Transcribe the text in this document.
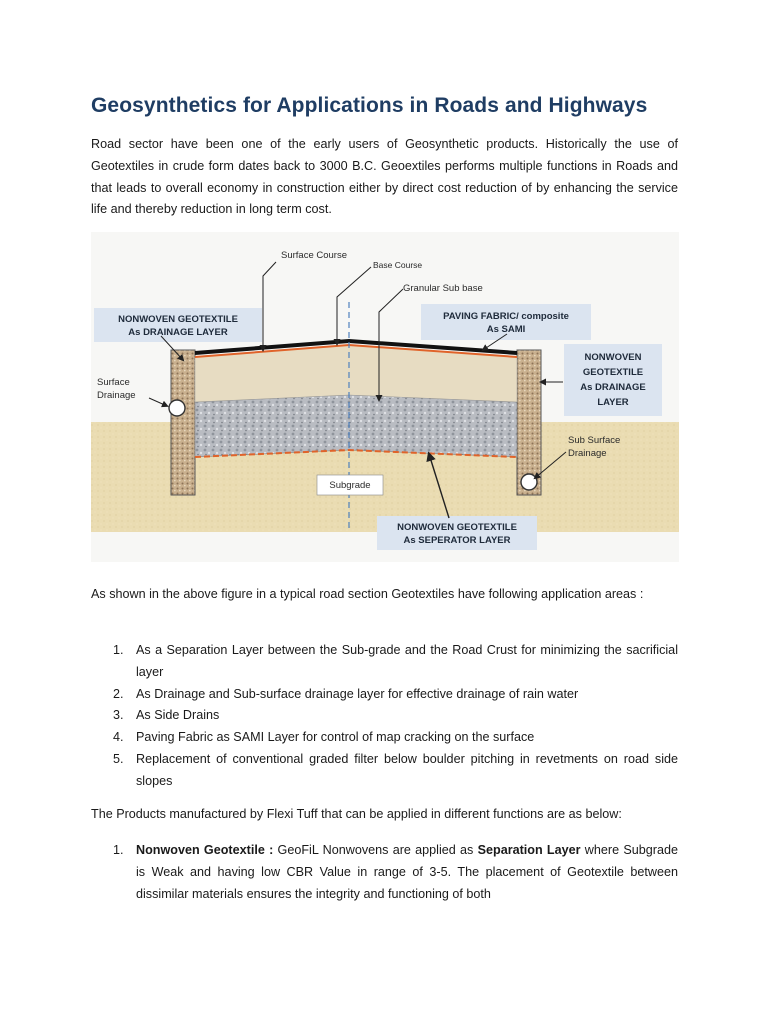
Geosynthetics for Applications in Roads and Highways

Road sector have been one of the early users of Geosynthetic products. Historically the use of Geotextiles in crude form dates back to 3000 B.C. Geoextiles performs multiple functions in Roads and that leads to overall economy in construction either by direct cost reduction of by enhancing the service life and thereby reduction in long term cost.

Surface Course
Base Course
Granular Sub base
NONWOVEN GEOTEXTILE
As DRAINAGE LAYER
PAVING FABRIC/ composite
As SAMI
NONWOVEN
GEOTEXTILE
As DRAINAGE
LAYER
Surface
Drainage
Sub Surface
Drainage
Subgrade
NONWOVEN GEOTEXTILE
As SEPERATOR LAYER

As shown in the above figure in a typical road section Geotextiles have following application areas :

1. As a Separation Layer between the Sub-grade and the Road Crust for minimizing the sacrificial layer
2. As Drainage and Sub-surface drainage layer for effective drainage of rain water
3. As Side Drains
4. Paving Fabric as SAMI Layer for control of map cracking on the surface
5. Replacement of conventional graded filter below boulder pitching in revetments on road side slopes

The Products manufactured by Flexi Tuff that can be applied in different functions are as below:

1. Nonwoven Geotextile : GeoFiL Nonwovens are applied as Separation Layer where Subgrade is Weak and having low CBR Value in range of 3-5. The placement of Geotextile between dissimilar materials ensures the integrity and functioning of both
